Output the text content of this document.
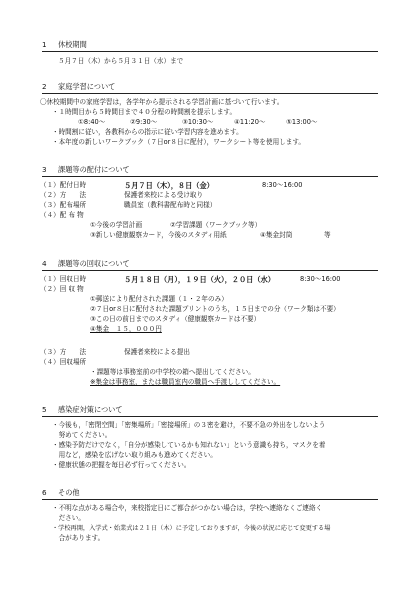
1 休校期間
５月７日（木）から５月３１日（水）まで
2 家庭学習について
〇休校期間中の家庭学習は，各学年から提示される学習計画に基づいて行います。
・１時間目から５時間目まで４０分程の時間割を提示します。
①8:40～	②9:30～	③10:30～	④11:20～	⑤13:00～
・時間割に従い，各教科からの指示に従い学習内容を進めます。
・本年度の新しいワークブック（７日or８日に配付），ワークシート等を使用します。
3 課題等の配付について
（１）配付日時	５月７日（木），８日（金）	8:30～16:00
（２）方　　法	保護者来校による受け取り
（３）配布場所	職員室（教科書配布時と同様）
（４）配 布 物
①今後の学習計画	②学習課題（ワークブック等）
③新しい健康観察カード，今後のスタディ用紙	④集金封筒	等
4 課題等の回収について
（１）回収日時	５月１８日（月），１９日（火），２０日（水）	8:30～16:00
（２）回 収 物
①郵送により配付された課題（１・２年のみ）
②７日or８日に配付された課題プリントのうち，１５日までの分（ワーク類は不要）
③この日の前日までのスタディ（健康観察カードは不要）
④集金　１５，０００円
（３）方　　法	保護者来校による提出
（４）回収場所
・課題等は事務室前の中学校の箱へ提出してください。
※集金は事務室，または職員室内の職員へ手渡ししてください。
5 感染症対策について
・今後も，「密閉空間」「密集場所」「密接場所」の３密を避け，不要不急の外出をしないよう
　努めてください。
・感染予防だけでなく，「自分が感染しているかも知れない」という意識も持ち，マスクを着
　用など，感染を広げない取り組みも進めてください。
・健康状態の把握を毎日必ず行ってください。
6 その他
・不明な点がある場合や，来校指定日にご都合がつかない場合は，学校へ連絡なくご連絡く
　ださい。
・学校再開，入学式・始業式は２１日（木）に予定しておりますが，今後の状況に応じて変更する場
　合があります。
